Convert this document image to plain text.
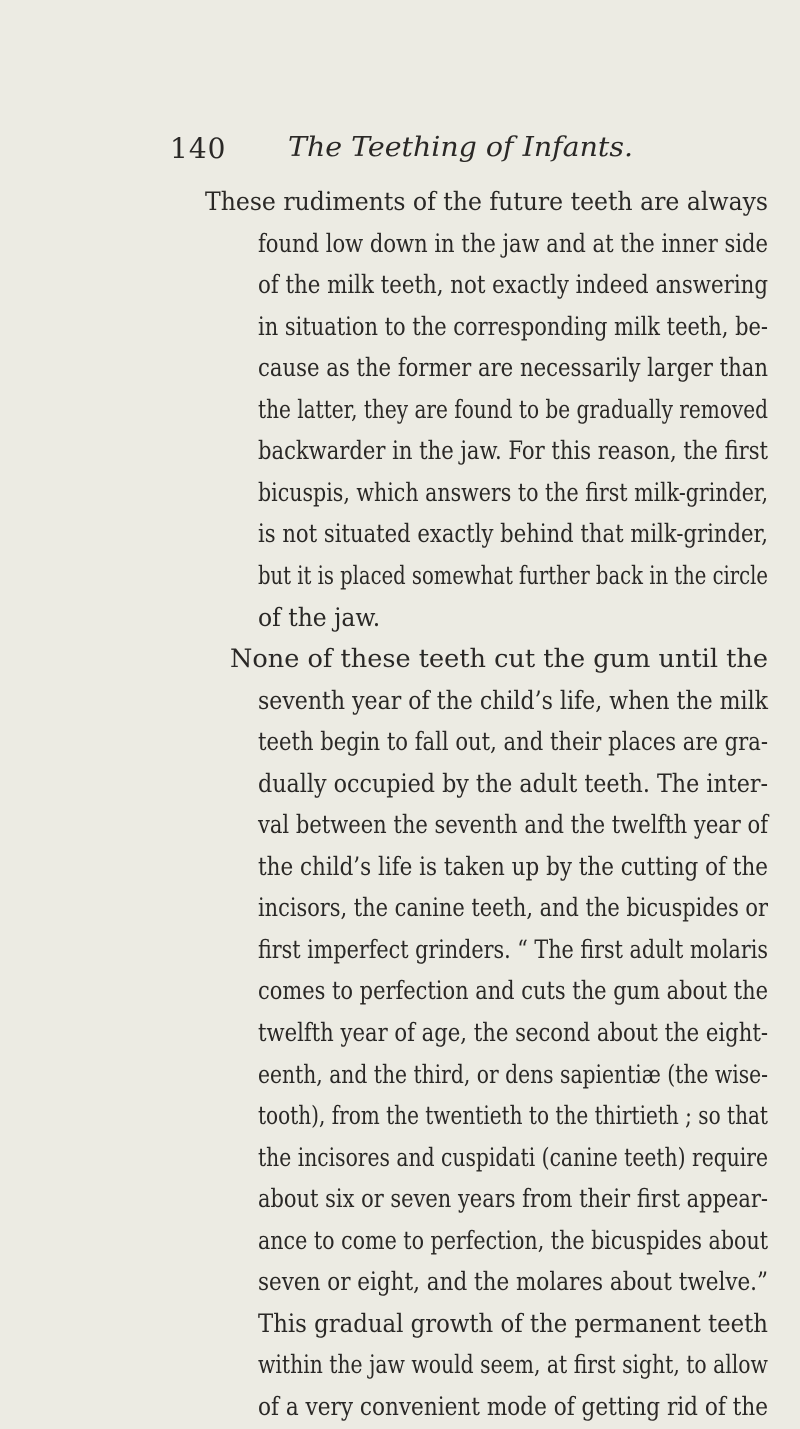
140 The Teething of Infants.
These rudiments of the future teeth are always
found low down in the jaw and at the inner side
of the milk teeth, not exactly indeed answering
in situation to the corresponding milk teeth, be-
cause as the former are necessarily larger than
the latter, they are found to be gradually removed
backwarder in the jaw. For this reason, the first
bicuspis, which answers to the first milk-grinder,
is not situated exactly behind that milk-grinder,
but it is placed somewhat further back in the circle
of the jaw.
None of these teeth cut the gum until the
seventh year of the child’s life, when the milk
teeth begin to fall out, and their places are gra-
dually occupied by the adult teeth. The inter-
val between the seventh and the twelfth year of
the child’s life is taken up by the cutting of the
incisors, the canine teeth, and the bicuspides or
first imperfect grinders. “ The first adult molaris
comes to perfection and cuts the gum about the
twelfth year of age, the second about the eight-
eenth, and the third, or dens sapientiæ (the wise-
tooth), from the twentieth to the thirtieth ; so that
the incisores and cuspidati (canine teeth) require
about six or seven years from their first appear-
ance to come to perfection, the bicuspides about
seven or eight, and the molares about twelve.”
This gradual growth of the permanent teeth
within the jaw would seem, at first sight, to allow
of a very convenient mode of getting rid of the
